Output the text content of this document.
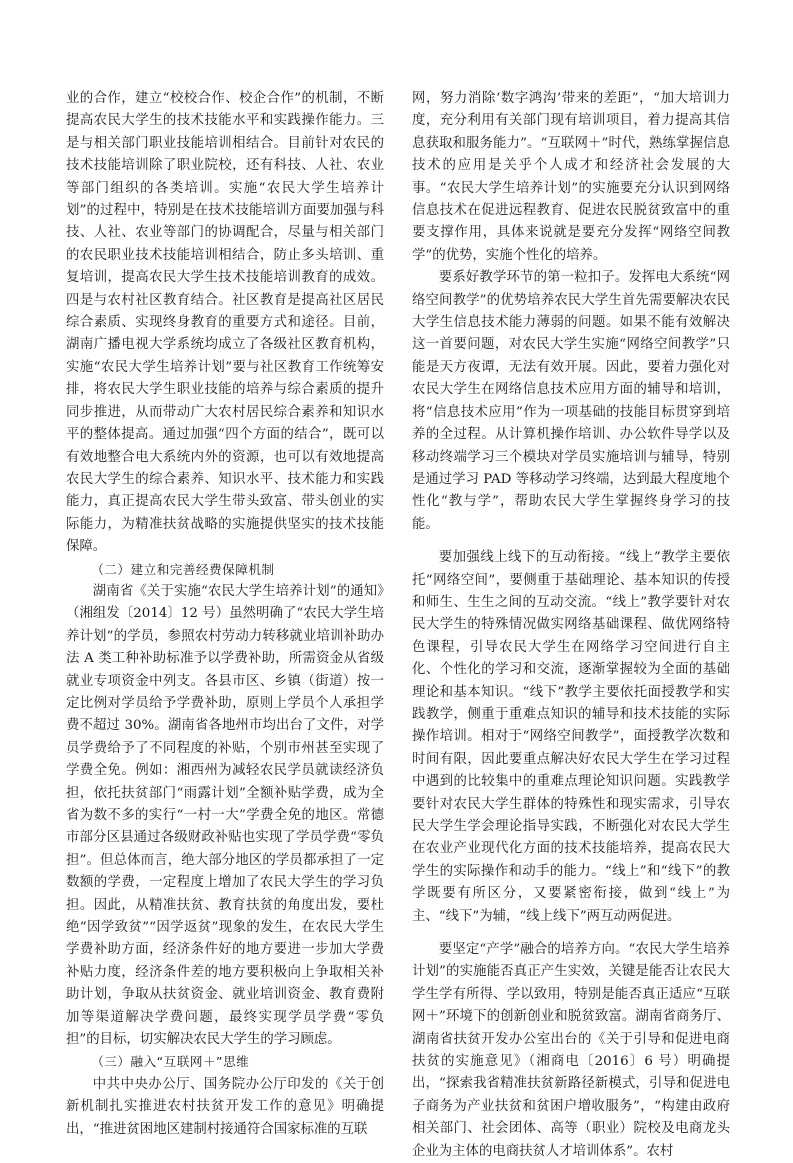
业的合作，建立“校校合作、校企合作”的机制，不断提高农民大学生的技术技能水平和实践操作能力。三是与相关部门职业技能培训相结合。目前针对农民的技术技能培训除了职业院校，还有科技、人社、农业等部门组织的各类培训。实施“农民大学生培养计划”的过程中，特别是在技术技能培训方面要加强与科技、人社、农业等部门的协调配合，尽量与相关部门的农民职业技术技能培训相结合，防止多头培训、重复培训，提高农民大学生技术技能培训教育的成效。四是与农村社区教育结合。社区教育是提高社区居民综合素质、实现终身教育的重要方式和途径。目前，湖南广播电视大学系统均成立了各级社区教育机构，实施“农民大学生培养计划”要与社区教育工作统筹安排，将农民大学生职业技能的培养与综合素质的提升同步推进，从而带动广大农村居民综合素养和知识水平的整体提高。通过加强“四个方面的结合”，既可以有效地整合电大系统内外的资源，也可以有效地提高农民大学生的综合素养、知识水平、技术能力和实践能力，真正提高农民大学生带头致富、带头创业的实际能力，为精准扶贫战略的实施提供坚实的技术技能保障。

（二）建立和完善经费保障机制

湖南省《关于实施“农民大学生培养计划”的通知》（湘组发〔2014〕12 号）虽然明确了“农民大学生培养计划”的学员，参照农村劳动力转移就业培训补助办法 A 类工种补助标准予以学费补助，所需资金从省级就业专项资金中列支。各县市区、乡镇（街道）按一定比例对学员给予学费补助，原则上学员个人承担学费不超过 30%。湖南省各地州市均出台了文件，对学员学费给予了不同程度的补贴，个别市州甚至实现了学费全免。例如：湘西州为减轻农民学员就读经济负担，依托扶贫部门“雨露计划”全额补贴学费，成为全省为数不多的实行“一村一大”学费全免的地区。常德市部分区县通过各级财政补贴也实现了学员学费“零负担”。但总体而言，绝大部分地区的学员都承担了一定数额的学费，一定程度上增加了农民大学生的学习负担。因此，从精准扶贫、教育扶贫的角度出发，要杜绝“因学致贫”“因学返贫”现象的发生，在农民大学生学费补助方面，经济条件好的地方要进一步加大学费补贴力度，经济条件差的地方要积极向上争取相关补助计划，争取从扶贫资金、就业培训资金、教育费附加等渠道解决学费问题，最终实现学员学费“零负担”的目标，切实解决农民大学生的学习顾虑。

（三）融入“互联网＋”思维

中共中央办公厅、国务院办公厅印发的《关于创新机制扎实推进农村扶贫开发工作的意见》明确提出，“推进贫困地区建制村接通符合国家标准的互联

网，努力消除‘数字鸿沟’带来的差距”，“加大培训力度，充分利用有关部门现有培训项目，着力提高其信息获取和服务能力”。“互联网＋”时代，熟练掌握信息技术的应用是关乎个人成才和经济社会发展的大事。“农民大学生培养计划”的实施要充分认识到网络信息技术在促进远程教育、促进农民脱贫致富中的重要支撑作用，具体来说就是要充分发挥“网络空间教学”的优势，实施个性化的培养。

要系好教学环节的第一粒扣子。发挥电大系统“网络空间教学”的优势培养农民大学生首先需要解决农民大学生信息技术能力薄弱的问题。如果不能有效解决这一首要问题，对农民大学生实施“网络空间教学”只能是天方夜谭，无法有效开展。因此，要着力强化对农民大学生在网络信息技术应用方面的辅导和培训，将“信息技术应用”作为一项基础的技能目标贯穿到培养的全过程。从计算机操作培训、办公软件导学以及移动终端学习三个模块对学员实施培训与辅导，特别是通过学习 PAD 等移动学习终端，达到最大程度地个性化“教与学”，帮助农民大学生掌握终身学习的技能。

要加强线上线下的互动衔接。“线上”教学主要依托“网络空间”，要侧重于基础理论、基本知识的传授和师生、生生之间的互动交流。“线上”教学要针对农民大学生的特殊情况做实网络基础课程、做优网络特色课程，引导农民大学生在网络学习空间进行自主化、个性化的学习和交流，逐渐掌握较为全面的基础理论和基本知识。“线下”教学主要依托面授教学和实践教学，侧重于重难点知识的辅导和技术技能的实际操作培训。相对于“网络空间教学”，面授教学次数和时间有限，因此要重点解决好农民大学生在学习过程中遇到的比较集中的重难点理论知识问题。实践教学要针对农民大学生群体的特殊性和现实需求，引导农民大学生学会理论指导实践，不断强化对农民大学生在农业产业现代化方面的技术技能培养，提高农民大学生的实际操作和动手的能力。“线上”和“线下”的教学既要有所区分，又要紧密衔接，做到“线上”为主、“线下”为辅，“线上线下”两互动两促进。

要坚定“产学”融合的培养方向。“农民大学生培养计划”的实施能否真正产生实效，关键是能否让农民大学生学有所得、学以致用，特别是能否真正适应“互联网＋”环境下的创新创业和脱贫致富。湖南省商务厅、湖南省扶贫开发办公室出台的《关于引导和促进电商扶贫的实施意见》（湘商电〔2016〕6 号）明确提出，“探索我省精准扶贫新路径新模式，引导和促进电子商务为产业扶贫和贫困户增收服务”，“构建由政府相关部门、社会团体、高等（职业）院校及电商龙头企业为主体的电商扶贫人才培训体系”。农村
